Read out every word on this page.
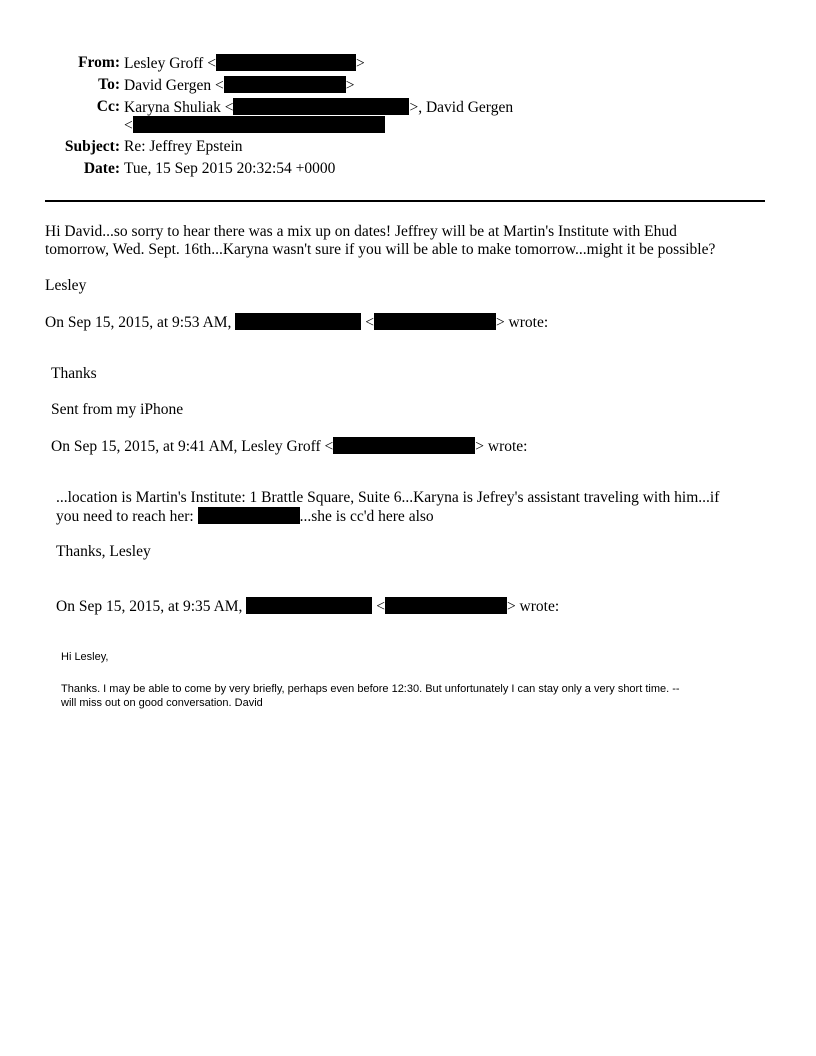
From: Lesley Groff <	>
To: David Gergen <	>
Cc: Karyna Shuliak <	>, David Gergen
<
Subject: Re: Jeffrey Epstein
Date: Tue, 15 Sep 2015 20:32:54 +0000
Hi David...so sorry to hear there was a mix up on dates! Jeffrey will be at Martin's Institute with Ehud
tomorrow, Wed. Sept. 16th...Karyna wasn't sure if you will be able to make tomorrow...might it be possible?
Lesley
On Sep 15, 2015, at 9:53 AM,	<	> wrote:
Thanks
Sent from my iPhone
On Sep 15, 2015, at 9:41 AM, Lesley Groff <	> wrote:
...location is Martin's Institute: 1 Brattle Square, Suite 6...Karyna is Jefrey's assistant traveling with him...if
you need to reach her:	...she is cc'd here also
Thanks, Lesley
On Sep 15, 2015, at 9:35 AM,	<	> wrote:
Hi Lesley,
Thanks. I may be able to come by very briefly, perhaps even before 12:30. But unfortunately I can stay only a very short time. --
will miss out on good conversation. David
